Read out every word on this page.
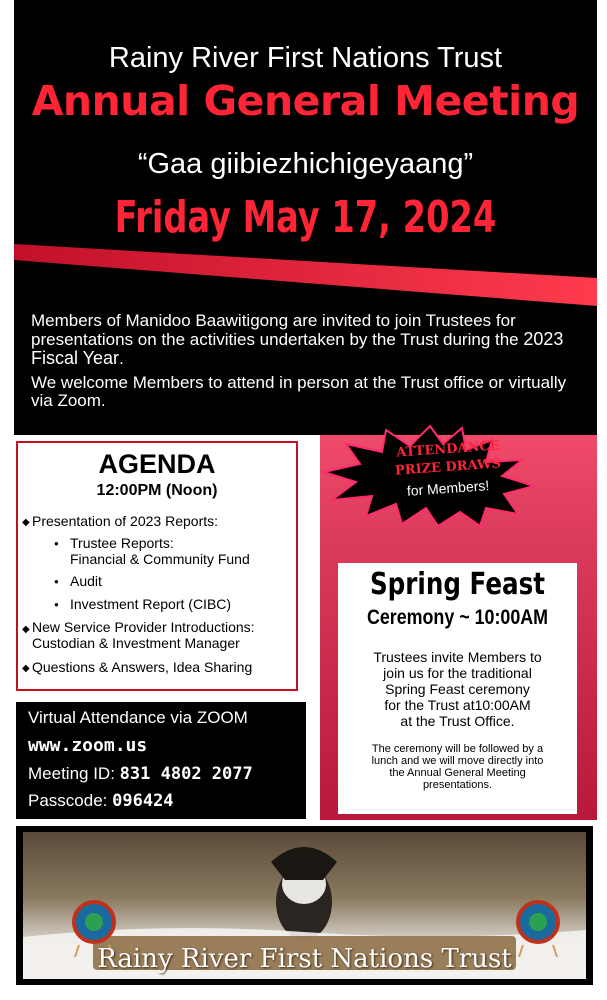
Rainy River First Nations Trust
Annual General Meeting
“Gaa giibiezhichigeyaang”
Friday May 17, 2024

Members of Manidoo Baawitigong are invited to join Trustees for presentations on the activities undertaken by the Trust during the 2023 Fiscal Year.

We welcome Members to attend in person at the Trust office or virtually via Zoom.

AGENDA
12:00PM (Noon)
◆ Presentation of 2023 Reports:
● Trustee Reports:
Financial & Community Fund
● Audit
● Investment Report (CIBC)
◆ New Service Provider Introductions:
Custodian & Investment Manager
◆ Questions & Answers, Idea Sharing
Virtual Attendance via ZOOM
www.zoom.us
Meeting ID: 831 4802 2077
Passcode: 096424
ATTENDANCE
PRIZE DRAWS
for Members!
Spring Feast
Ceremony ~ 10:00AM
Trustees invite Members to
join us for the traditional
Spring Feast ceremony
for the Trust at10:00AM
at the Trust Office.
The ceremony will be followed by a
lunch and we will move directly into
the Annual General Meeting
presentations.
Rainy River First Nations Trust
